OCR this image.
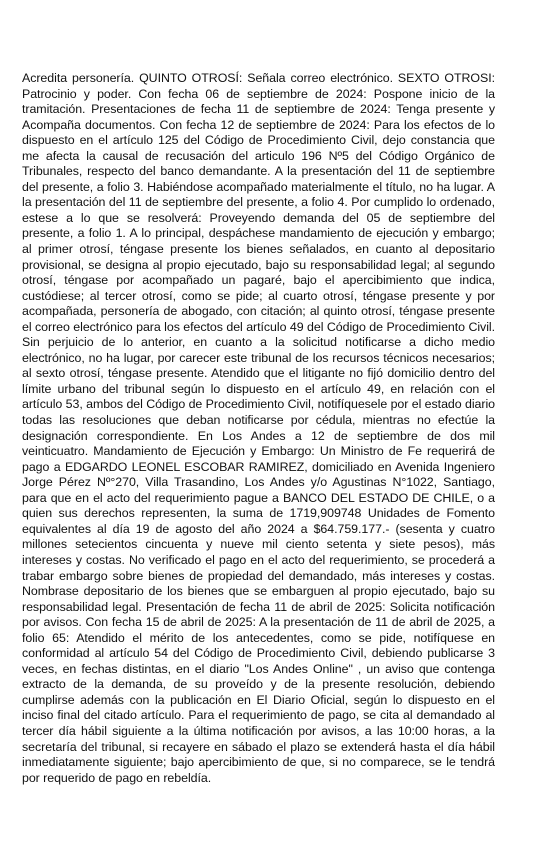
Acredita personería. QUINTO OTROSÍ: Señala correo electrónico. SEXTO OTROSI: Patrocinio y poder. Con fecha 06 de septiembre de 2024: Pospone inicio de la tramitación. Presentaciones de fecha 11 de septiembre de 2024: Tenga presente y Acompaña documentos. Con fecha 12 de septiembre de 2024: Para los efectos de lo dispuesto en el artículo 125 del Código de Procedimiento Civil, dejo constancia que me afecta la causal de recusación del articulo 196 Nº5 del Código Orgánico de Tribunales, respecto del banco demandante. A la presentación del 11 de septiembre del presente, a folio 3. Habiéndose acompañado materialmente el título, no ha lugar. A la presentación del 11 de septiembre del presente, a folio 4. Por cumplido lo ordenado, estese a lo que se resolverá: Proveyendo demanda del 05 de septiembre del presente, a folio 1. A lo principal, despáchese mandamiento de ejecución y embargo; al primer otrosí, téngase presente los bienes señalados, en cuanto al depositario provisional, se designa al propio ejecutado, bajo su responsabilidad legal; al segundo otrosí, téngase por acompañado un pagaré, bajo el apercibimiento que indica, custódiese; al tercer otrosí, como se pide; al cuarto otrosí, téngase presente y por acompañada, personería de abogado, con citación; al quinto otrosí, téngase presente el correo electrónico para los efectos del artículo 49 del Código de Procedimiento Civil. Sin perjuicio de lo anterior, en cuanto a la solicitud notificarse a dicho medio electrónico, no ha lugar, por carecer este tribunal de los recursos técnicos necesarios; al sexto otrosí, téngase presente. Atendido que el litigante no fijó domicilio dentro del límite urbano del tribunal según lo dispuesto en el artículo 49, en relación con el artículo 53, ambos del Código de Procedimiento Civil, notifíquesele por el estado diario todas las resoluciones que deban notificarse por cédula, mientras no efectúe la designación correspondiente. En Los Andes a 12 de septiembre de dos mil veinticuatro. Mandamiento de Ejecución y Embargo: Un Ministro de Fe requerirá de pago a EDGARDO LEONEL ESCOBAR RAMIREZ, domiciliado en Avenida Ingeniero Jorge Pérez Nº°270, Villa Trasandino, Los Andes y/o Agustinas N°1022, Santiago, para que en el acto del requerimiento pague a BANCO DEL ESTADO DE CHILE, o a quien sus derechos representen, la suma de 1719,909748 Unidades de Fomento equivalentes al día 19 de agosto del año 2024 a $64.759.177.- (sesenta y cuatro millones setecientos cincuenta y nueve mil ciento setenta y siete pesos), más intereses y costas. No verificado el pago en el acto del requerimiento, se procederá a trabar embargo sobre bienes de propiedad del demandado, más intereses y costas. Nombrase depositario de los bienes que se embarguen al propio ejecutado, bajo su responsabilidad legal. Presentación de fecha 11 de abril de 2025: Solicita notificación por avisos. Con fecha 15 de abril de 2025: A la presentación de 11 de abril de 2025, a folio 65: Atendido el mérito de los antecedentes, como se pide, notifíquese en conformidad al artículo 54 del Código de Procedimiento Civil, debiendo publicarse 3 veces, en fechas distintas, en el diario "Los Andes Online" , un aviso que contenga extracto de la demanda, de su proveído y de la presente resolución, debiendo cumplirse además con la publicación en El Diario Oficial, según lo dispuesto en el inciso final del citado artículo. Para el requerimiento de pago, se cita al demandado al tercer día hábil siguiente a la última notificación por avisos, a las 10:00 horas, a la secretaría del tribunal, si recayere en sábado el plazo se extenderá hasta el día hábil inmediatamente siguiente; bajo apercibimiento de que, si no comparece, se le tendrá por requerido de pago en rebeldía.
